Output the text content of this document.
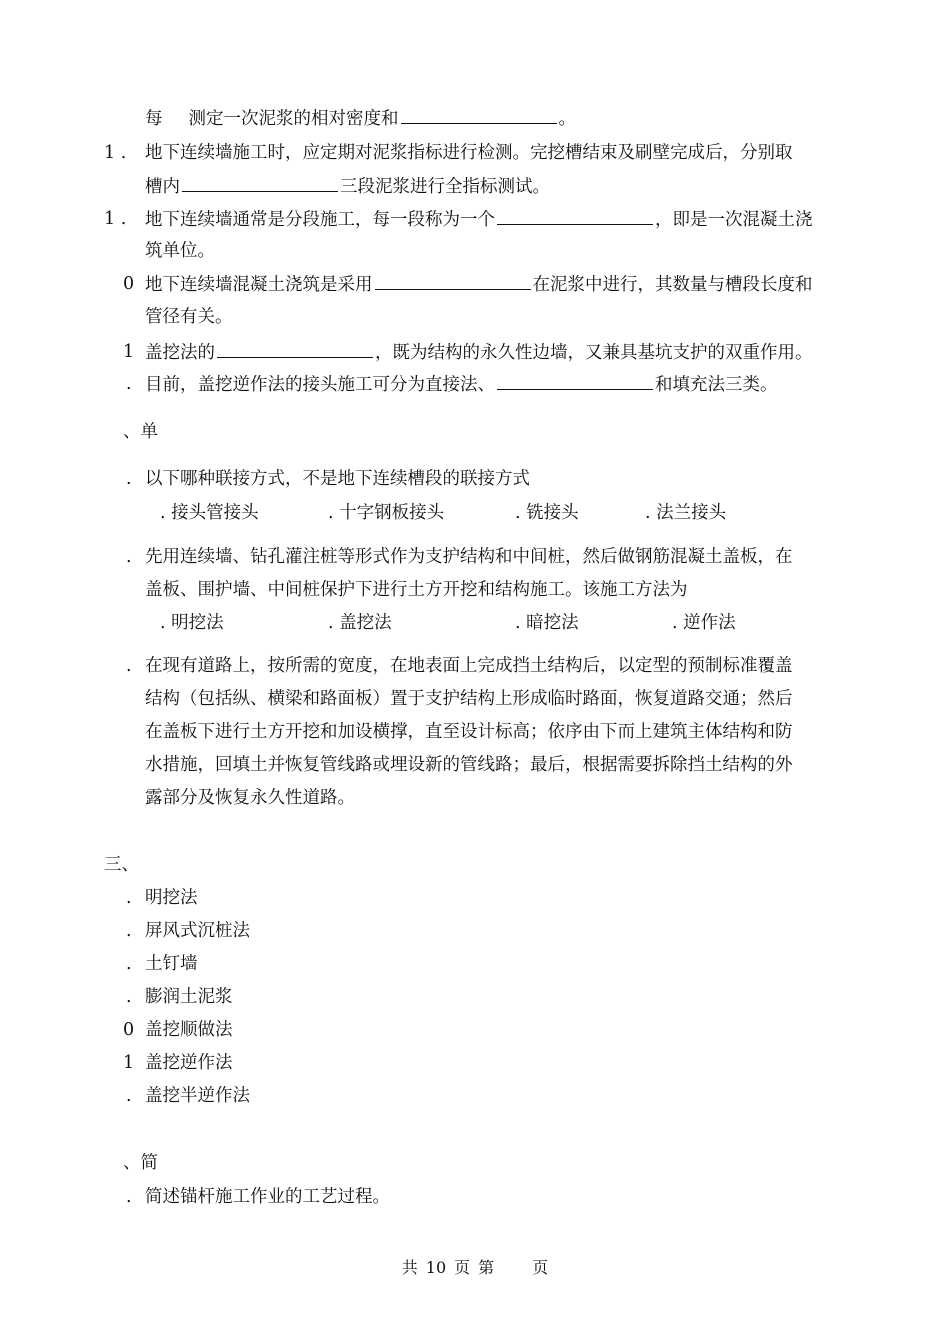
每 测定一次泥浆的相对密度和	。
1 . 地下连续墙施工时，应定期对泥浆指标进行检测。完挖槽结束及刷壁完成后，分别取
槽内	三段泥浆进行全指标测试。
1 . 地下连续墙通常是分段施工，每一段称为一个	，即是一次混凝土浇
筑单位。
0 地下连续墙混凝土浇筑是采用	在泥浆中进行，其数量与槽段长度和
管径有关。
1 盖挖法的	，既为结构的永久性边墙，又兼具基坑支护的双重作用。
. 目前，盖挖逆作法的接头施工可分为直接法、	和填充法三类。
、单
. 以下哪种联接方式，不是地下连续槽段的联接方式
. 接头管接头	. 十字钢板接头	. 铣接头	. 法兰接头
. 先用连续墙、钻孔灌注桩等形式作为支护结构和中间桩，然后做钢筋混凝土盖板，在
盖板、围护墙、中间桩保护下进行土方开挖和结构施工。该施工方法为
. 明挖法	. 盖挖法	. 暗挖法	. 逆作法
. 在现有道路上，按所需的宽度，在地表面上完成挡土结构后，以定型的预制标准覆盖
结构（包括纵、横梁和路面板）置于支护结构上形成临时路面，恢复道路交通；然后
在盖板下进行土方开挖和加设横撑，直至设计标高；依序由下而上建筑主体结构和防
水措施，回填土并恢复管线路或埋设新的管线路；最后，根据需要拆除挡土结构的外
露部分及恢复永久性道路。
三、
. 明挖法
. 屏风式沉桩法
. 土钉墙
. 膨润土泥浆
0 盖挖顺做法
1 盖挖逆作法
. 盖挖半逆作法
、简
. 简述锚杆施工作业的工艺过程。
共 10 页 第 页
